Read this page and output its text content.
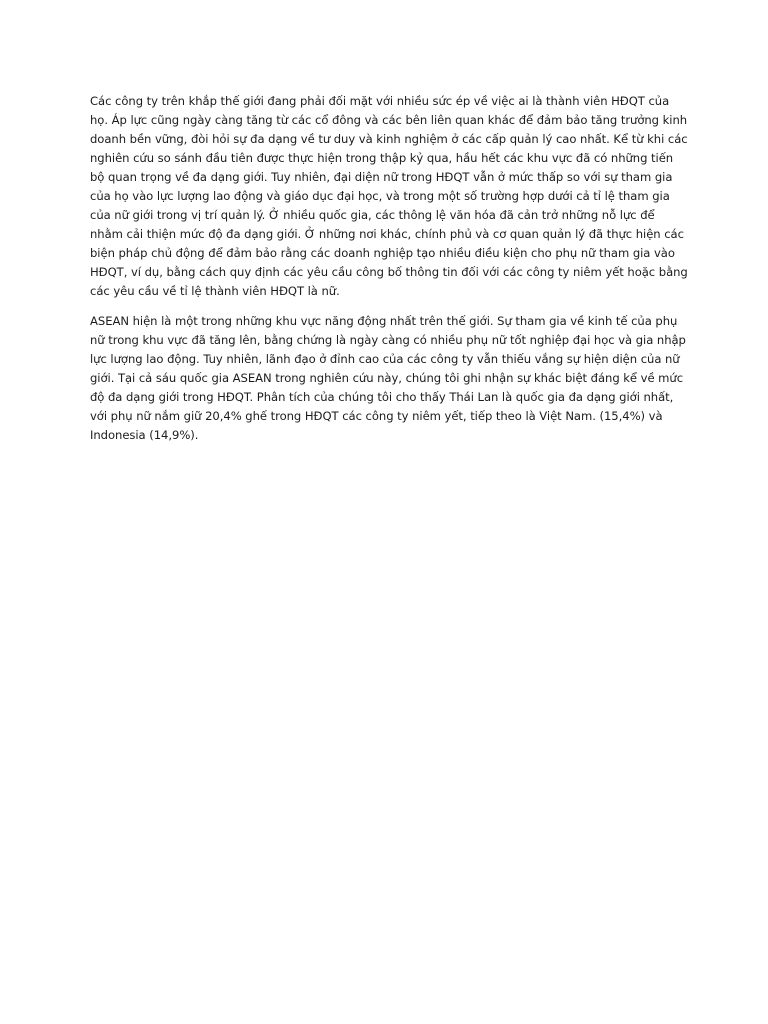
Các công ty trên khắp thế giới đang phải đối mặt với nhiều sức ép về việc ai là thành viên HĐQT của họ. Áp lực cũng ngày càng tăng từ các cổ đông và các bên liên quan khác để đảm bảo tăng trưởng kinh doanh bền vững, đòi hỏi sự đa dạng về tư duy và kinh nghiệm ở các cấp quản lý cao nhất. Kể từ khi các nghiên cứu so sánh đầu tiên được thực hiện trong thập kỷ qua, hầu hết các khu vực đã có những tiến bộ quan trọng về đa dạng giới. Tuy nhiên, đại diện nữ trong HĐQT vẫn ở mức thấp so với sự tham gia của họ vào lực lượng lao động và giáo dục đại học, và trong một số trường hợp dưới cả tỉ lệ tham gia của nữ giới trong vị trí quản lý. Ở nhiều quốc gia, các thông lệ văn hóa đã cản trở những nỗ lực để nhằm cải thiện mức độ đa dạng giới. Ở những nơi khác, chính phủ và cơ quan quản lý đã thực hiện các biện pháp chủ động để đảm bảo rằng các doanh nghiệp tạo nhiều điều kiện cho phụ nữ tham gia vào HĐQT, ví dụ, bằng cách quy định các yêu cầu công bố thông tin đối với các công ty niêm yết hoặc bằng các yêu cầu về tỉ lệ thành viên HĐQT là nữ.

ASEAN hiện là một trong những khu vực năng động nhất trên thế giới. Sự tham gia về kinh tế của phụ nữ trong khu vực đã tăng lên, bằng chứng là ngày càng có nhiều phụ nữ tốt nghiệp đại học và gia nhập lực lượng lao động. Tuy nhiên, lãnh đạo ở đỉnh cao của các công ty vẫn thiếu vắng sự hiện diện của nữ giới. Tại cả sáu quốc gia ASEAN trong nghiên cứu này, chúng tôi ghi nhận sự khác biệt đáng kể về mức độ đa dạng giới trong HĐQT. Phân tích của chúng tôi cho thấy Thái Lan là quốc gia đa dạng giới nhất, với phụ nữ nắm giữ 20,4% ghế trong HĐQT các công ty niêm yết, tiếp theo là Việt Nam. (15,4%) và Indonesia (14,9%).
